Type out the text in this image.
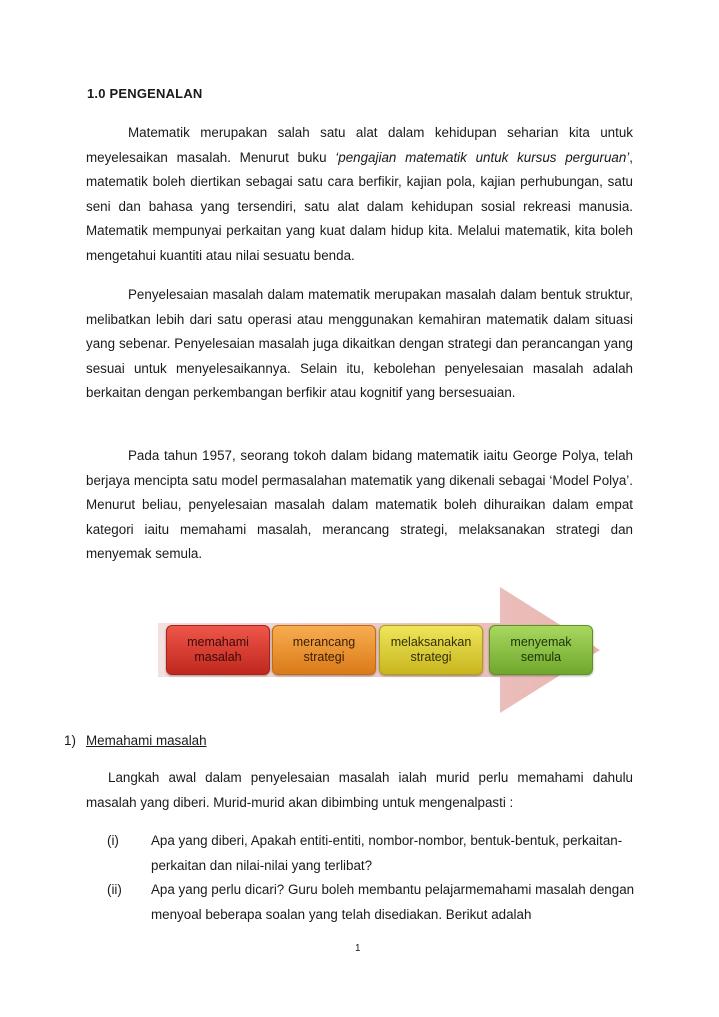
1.0 PENGENALAN

Matematik merupakan salah satu alat dalam kehidupan seharian kita untuk meyelesaikan masalah. Menurut buku ‘pengajian matematik untuk kursus perguruan’, matematik boleh diertikan sebagai satu cara berfikir, kajian pola, kajian perhubungan, satu seni dan bahasa yang tersendiri, satu alat dalam kehidupan sosial rekreasi manusia. Matematik mempunyai perkaitan yang kuat dalam hidup kita. Melalui matematik, kita boleh mengetahui kuantiti atau nilai sesuatu benda.

Penyelesaian masalah dalam matematik merupakan masalah dalam bentuk struktur, melibatkan lebih dari satu operasi atau menggunakan kemahiran matematik dalam situasi yang sebenar. Penyelesaian masalah juga dikaitkan dengan strategi dan perancangan yang sesuai untuk menyelesaikannya. Selain itu, kebolehan penyelesaian masalah adalah berkaitan dengan perkembangan berfikir atau kognitif yang bersesuaian.

Pada tahun 1957, seorang tokoh dalam bidang matematik iaitu George Polya, telah berjaya mencipta satu model permasalahan matematik yang dikenali sebagai ‘Model Polya’. Menurut beliau, penyelesaian masalah dalam matematik boleh dihuraikan dalam empat kategori iaitu memahami masalah, merancang strategi, melaksanakan strategi dan menyemak semula.

memahami
masalah
merancang
strategi
melaksanakan
strategi
menyemak
semula
1) Memahami masalah

Langkah awal dalam penyelesaian masalah ialah murid perlu memahami dahulu masalah yang diberi. Murid-murid akan dibimbing untuk mengenalpasti :

(i) Apa yang diberi, Apakah entiti-entiti, nombor-nombor, bentuk-bentuk, perkaitan-perkaitan dan nilai-nilai yang terlibat?
(ii) Apa yang perlu dicari? Guru boleh membantu pelajarmemahami masalah dengan menyoal beberapa soalan yang telah disediakan. Berikut adalah
1
